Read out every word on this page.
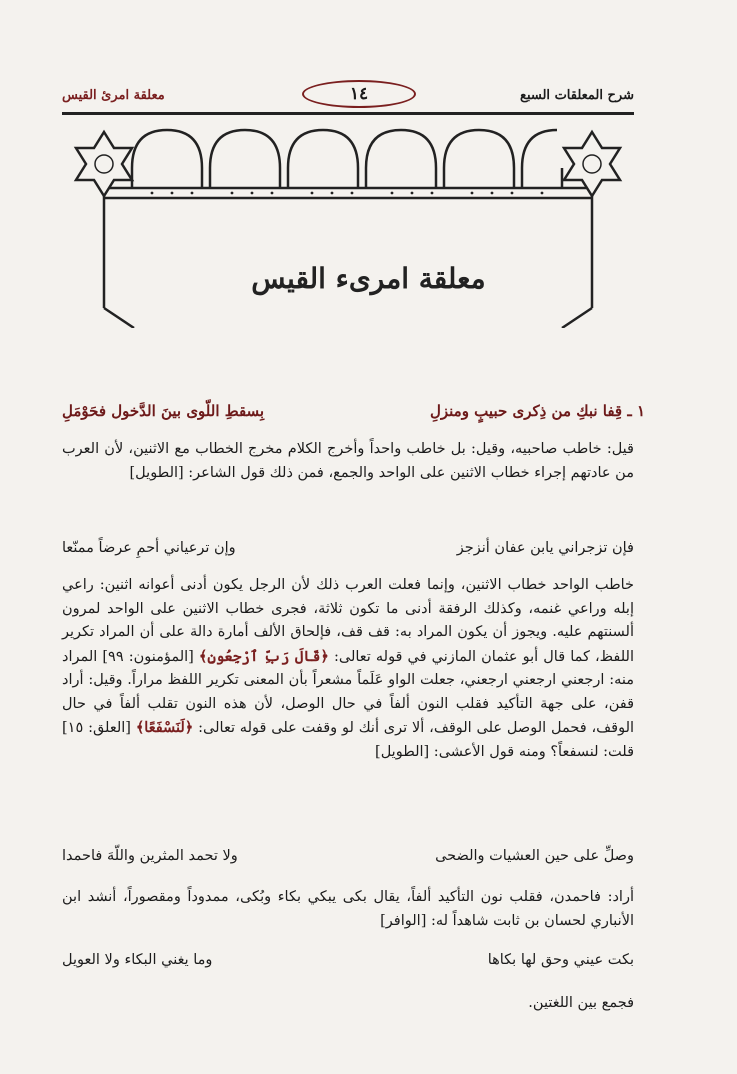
معلقة امرئ القيس	١٤	شرح المعلقات السبع
معلقة امرىء القيس
١ ـ قِفا نبكِ من ذِكرى حبيبٍ ومنزلِ
بِسقطِ اللّوى بينَ الدَّخول فحَوْمَلِ

قيل: خاطب صاحبيه، وقيل: بل خاطب واحداً وأخرج الكلام مخرج الخطاب مع الاثنين، لأن العرب من عادتهم إجراء خطاب الاثنين على الواحد والجمع، فمن ذلك قول الشاعر: [الطويل]

فإن تزجراني يابن عفان أنزجز
وإن ترعياني أحمِ عرضاً ممنّعا

خاطب الواحد خطاب الاثنين، وإنما فعلت العرب ذلك لأن الرجل يكون أدنى أعوانه اثنين: راعي إبله وراعي غنمه، وكذلك الرفقة أدنى ما تكون ثلاثة، فجرى خطاب الاثنين على الواحد لمرون ألسنتهم عليه. ويجوز أن يكون المراد به: قف قف، فإلحاق الألف أمارة دالة على أن المراد تكرير اللفظ، كما قال أبو عثمان المازني في قوله تعالى: ﴿قَالَ رَبِّ ٱرْجِعُونِ﴾ [المؤمنون: ٩٩] المراد منه: ارجعني ارجعني ارجعني، جعلت الواو عَلَماً مشعراً بأن المعنى تكرير اللفظ مراراً. وقيل: أراد قفن، على جهة التأكيد فقلب النون ألفاً في حال الوصل، لأن هذه النون تقلب ألفاً في حال الوقف، فحمل الوصل على الوقف، ألا ترى أنك لو وقفت على قوله تعالى: ﴿لَنَسْفَعًا﴾ [العلق: ١٥] قلت: لنسفعاً؟ ومنه قول الأعشى: [الطويل]

وصلِّ على حين العشيات والضحى
ولا تحمد المثرين واللّهَ فاحمدا

أراد: فاحمدن، فقلب نون التأكيد ألفاً، يقال بكى يبكي بكاء وبُكى، ممدوداً ومقصوراً، أنشد ابن الأنباري لحسان بن ثابت شاهداً له: [الوافر]

بكت عيني وحق لها بكاها
وما يغني البكاء ولا العويل

فجمع بين اللغتين.
